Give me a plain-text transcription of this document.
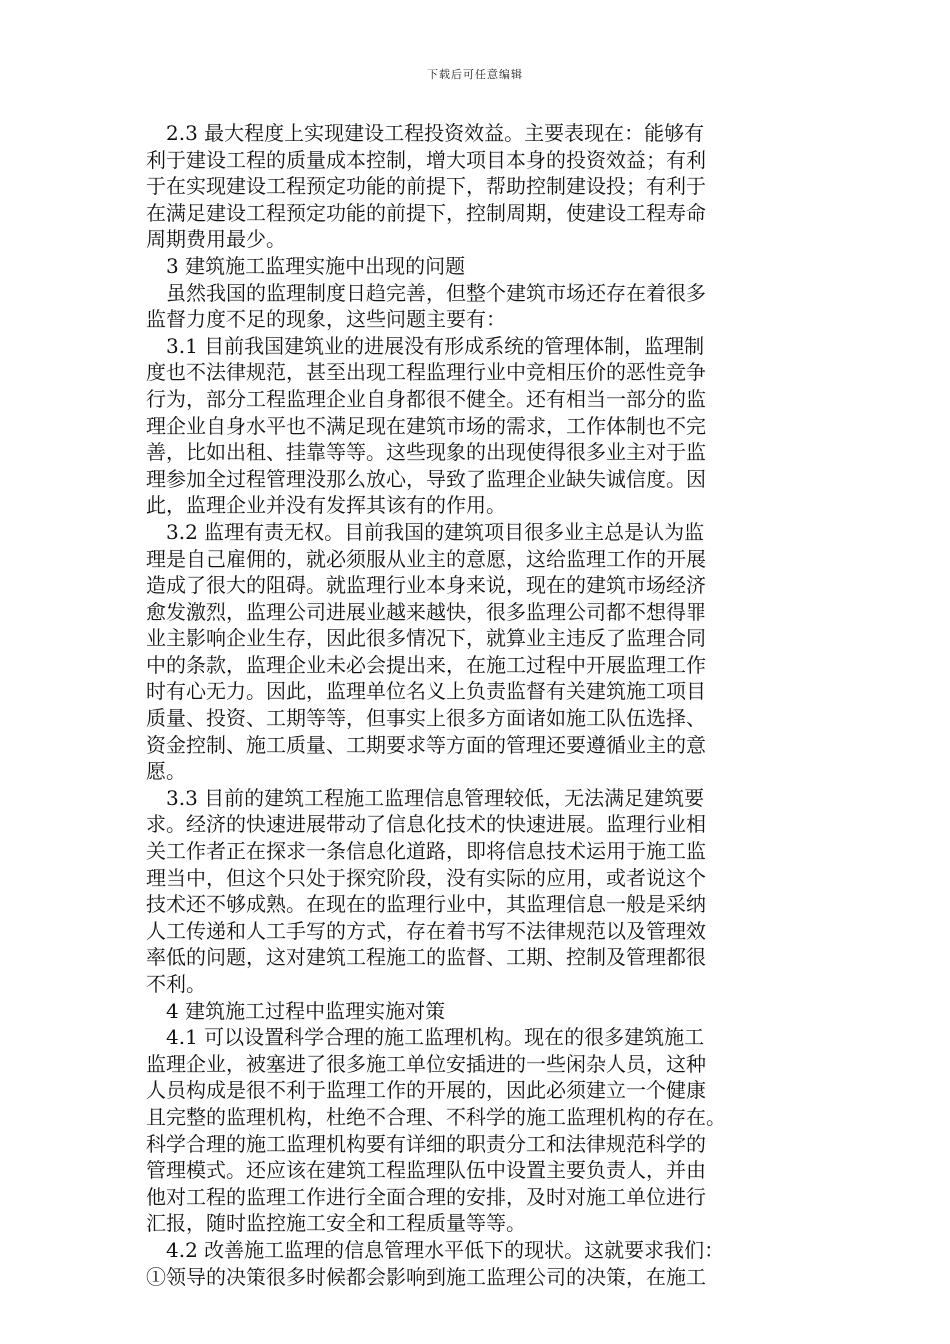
下载后可任意编辑
　2.3 最大程度上实现建设工程投资效益。主要表现在：能够有
利于建设工程的质量成本控制，增大项目本身的投资效益；有利
于在实现建设工程预定功能的前提下，帮助控制建设投；有利于
在满足建设工程预定功能的前提下，控制周期，使建设工程寿命
周期费用最少。
　3 建筑施工监理实施中出现的问题
　虽然我国的监理制度日趋完善，但整个建筑市场还存在着很多
监督力度不足的现象，这些问题主要有：
　3.1 目前我国建筑业的进展没有形成系统的管理体制，监理制
度也不法律规范，甚至出现工程监理行业中竞相压价的恶性竞争
行为，部分工程监理企业自身都很不健全。还有相当一部分的监
理企业自身水平也不满足现在建筑市场的需求，工作体制也不完
善，比如出租、挂靠等等。这些现象的出现使得很多业主对于监
理参加全过程管理没那么放心，导致了监理企业缺失诚信度。因
此，监理企业并没有发挥其该有的作用。
　3.2 监理有责无权。目前我国的建筑项目很多业主总是认为监
理是自己雇佣的，就必须服从业主的意愿，这给监理工作的开展
造成了很大的阻碍。就监理行业本身来说，现在的建筑市场经济
愈发激烈，监理公司进展业越来越快，很多监理公司都不想得罪
业主影响企业生存，因此很多情况下，就算业主违反了监理合同
中的条款，监理企业未必会提出来，在施工过程中开展监理工作
时有心无力。因此，监理单位名义上负责监督有关建筑施工项目
质量、投资、工期等等，但事实上很多方面诸如施工队伍选择、
资金控制、施工质量、工期要求等方面的管理还要遵循业主的意
愿。
　3.3 目前的建筑工程施工监理信息管理较低，无法满足建筑要
求。经济的快速进展带动了信息化技术的快速进展。监理行业相
关工作者正在探求一条信息化道路，即将信息技术运用于施工监
理当中，但这个只处于探究阶段，没有实际的应用，或者说这个
技术还不够成熟。在现在的监理行业中，其监理信息一般是采纳
人工传递和人工手写的方式，存在着书写不法律规范以及管理效
率低的问题，这对建筑工程施工的监督、工期、控制及管理都很
不利。
　4 建筑施工过程中监理实施对策
　4.1 可以设置科学合理的施工监理机构。现在的很多建筑施工
监理企业，被塞进了很多施工单位安插进的一些闲杂人员，这种
人员构成是很不利于监理工作的开展的，因此必须建立一个健康
且完整的监理机构，杜绝不合理、不科学的施工监理机构的存在。
科学合理的施工监理机构要有详细的职责分工和法律规范科学的
管理模式。还应该在建筑工程监理队伍中设置主要负责人，并由
他对工程的监理工作进行全面合理的安排，及时对施工单位进行
汇报，随时监控施工安全和工程质量等等。
　4.2 改善施工监理的信息管理水平低下的现状。这就要求我们：
①领导的决策很多时候都会影响到施工监理公司的决策，在施工
